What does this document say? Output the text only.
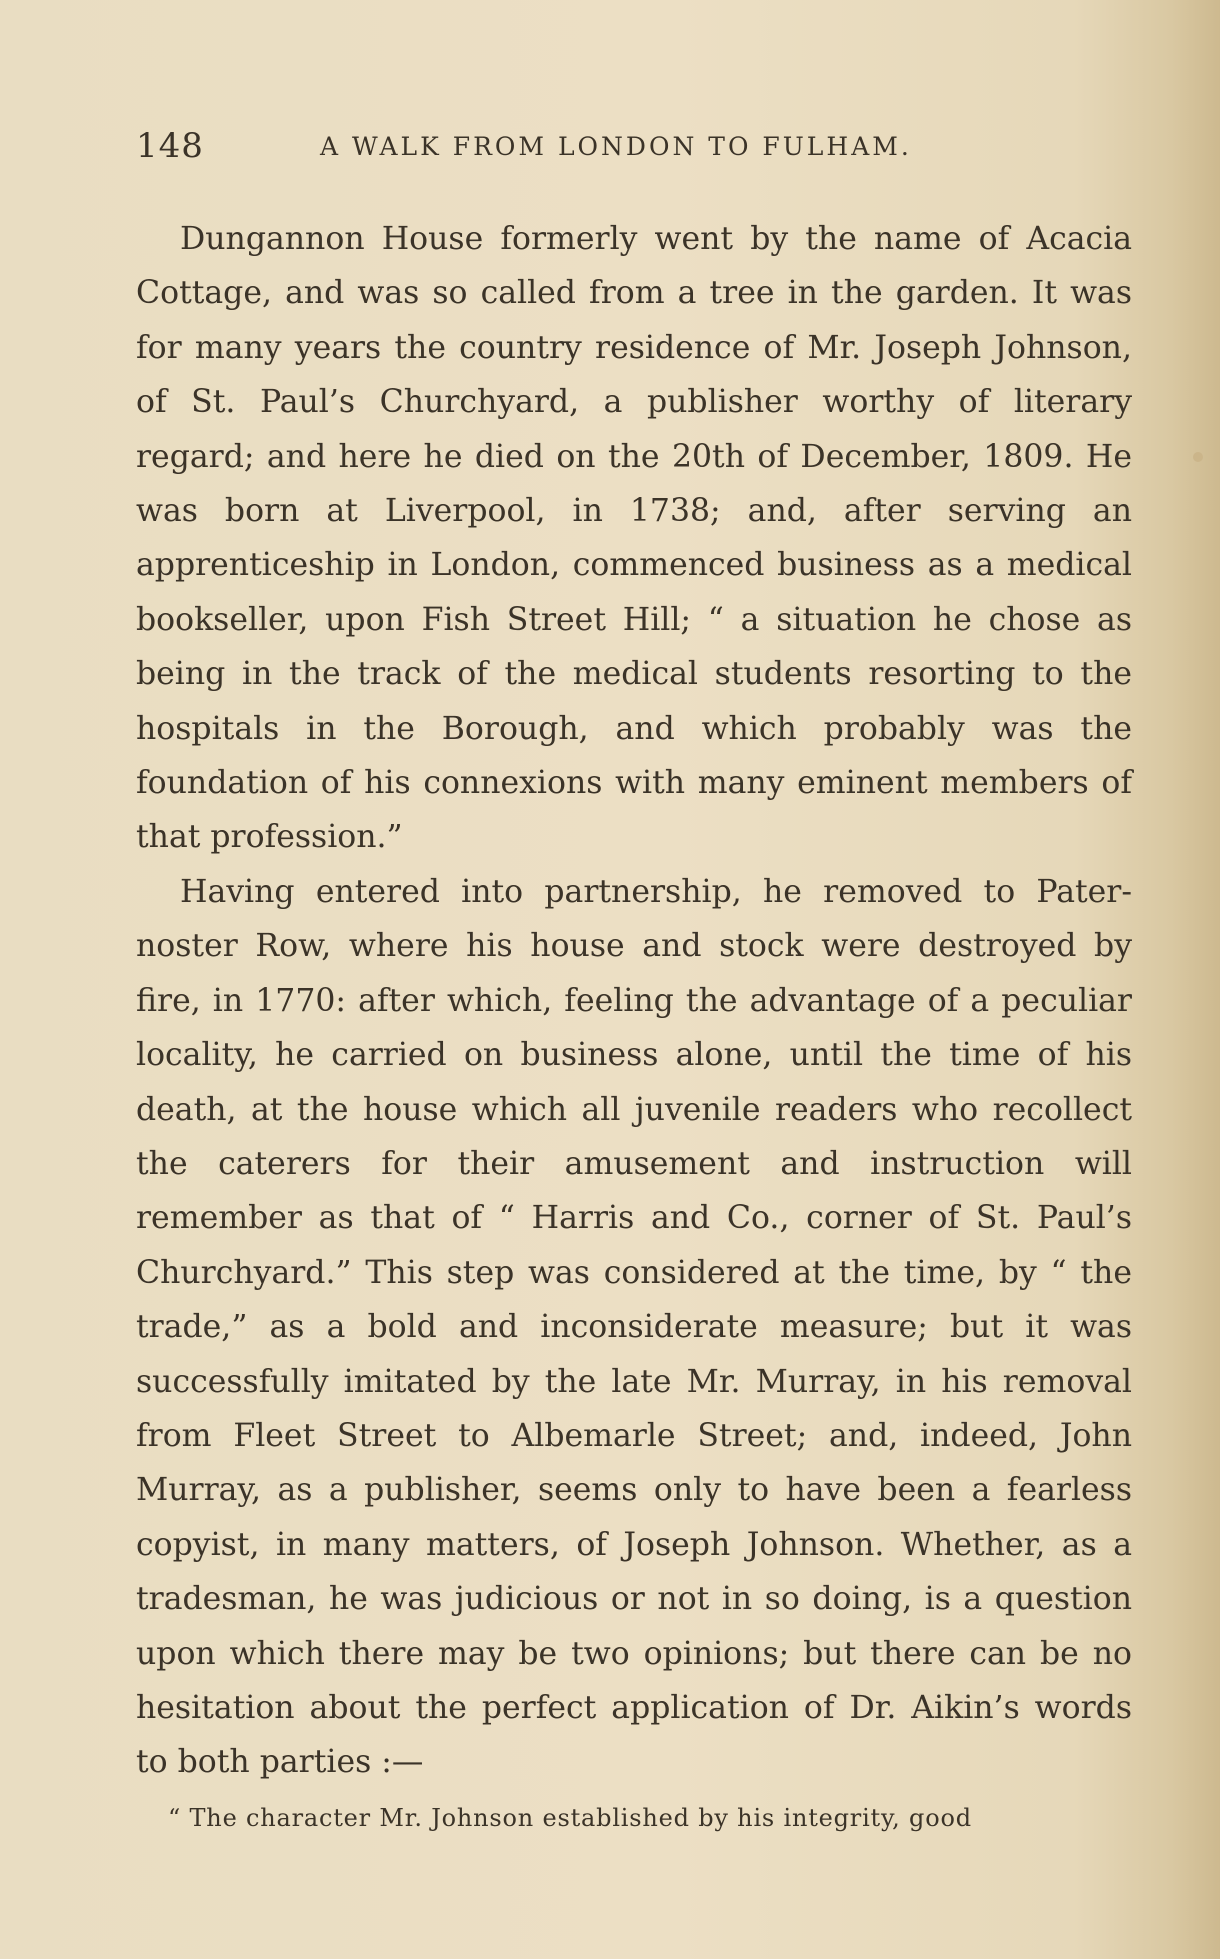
148	A WALK FROM LONDON TO FULHAM.

Dungannon House formerly went by the name of Acacia Cottage, and was so called from a tree in the garden. It was for many years the country residence of Mr. Joseph Johnson, of St. Paul’s Churchyard, a publisher worthy of literary regard; and here he died on the 20th of December, 1809. He was born at Liverpool, in 1738; and, after serving an apprenticeship in London, commenced business as a medical bookseller, upon Fish Street Hill; “ a situation he chose as being in the track of the medical students resorting to the hospitals in the Borough, and which probably was the foundation of his connexions with many eminent members of that profession.”

Having entered into partnership, he removed to Paternoster Row, where his house and stock were destroyed by fire, in 1770: after which, feeling the advantage of a peculiar locality, he carried on business alone, until the time of his death, at the house which all juvenile readers who recollect the caterers for their amusement and instruction will remember as that of “ Harris and Co., corner of St. Paul’s Churchyard.” This step was considered at the time, by “ the trade,” as a bold and inconsiderate measure; but it was successfully imitated by the late Mr. Murray, in his removal from Fleet Street to Albemarle Street; and, indeed, John Murray, as a publisher, seems only to have been a fearless copyist, in many matters, of Joseph Johnson. Whether, as a tradesman, he was judicious or not in so doing, is a question upon which there may be two opinions; but there can be no hesitation about the perfect application of Dr. Aikin’s words to both parties :—

“ The character Mr. Johnson established by his integrity, good
